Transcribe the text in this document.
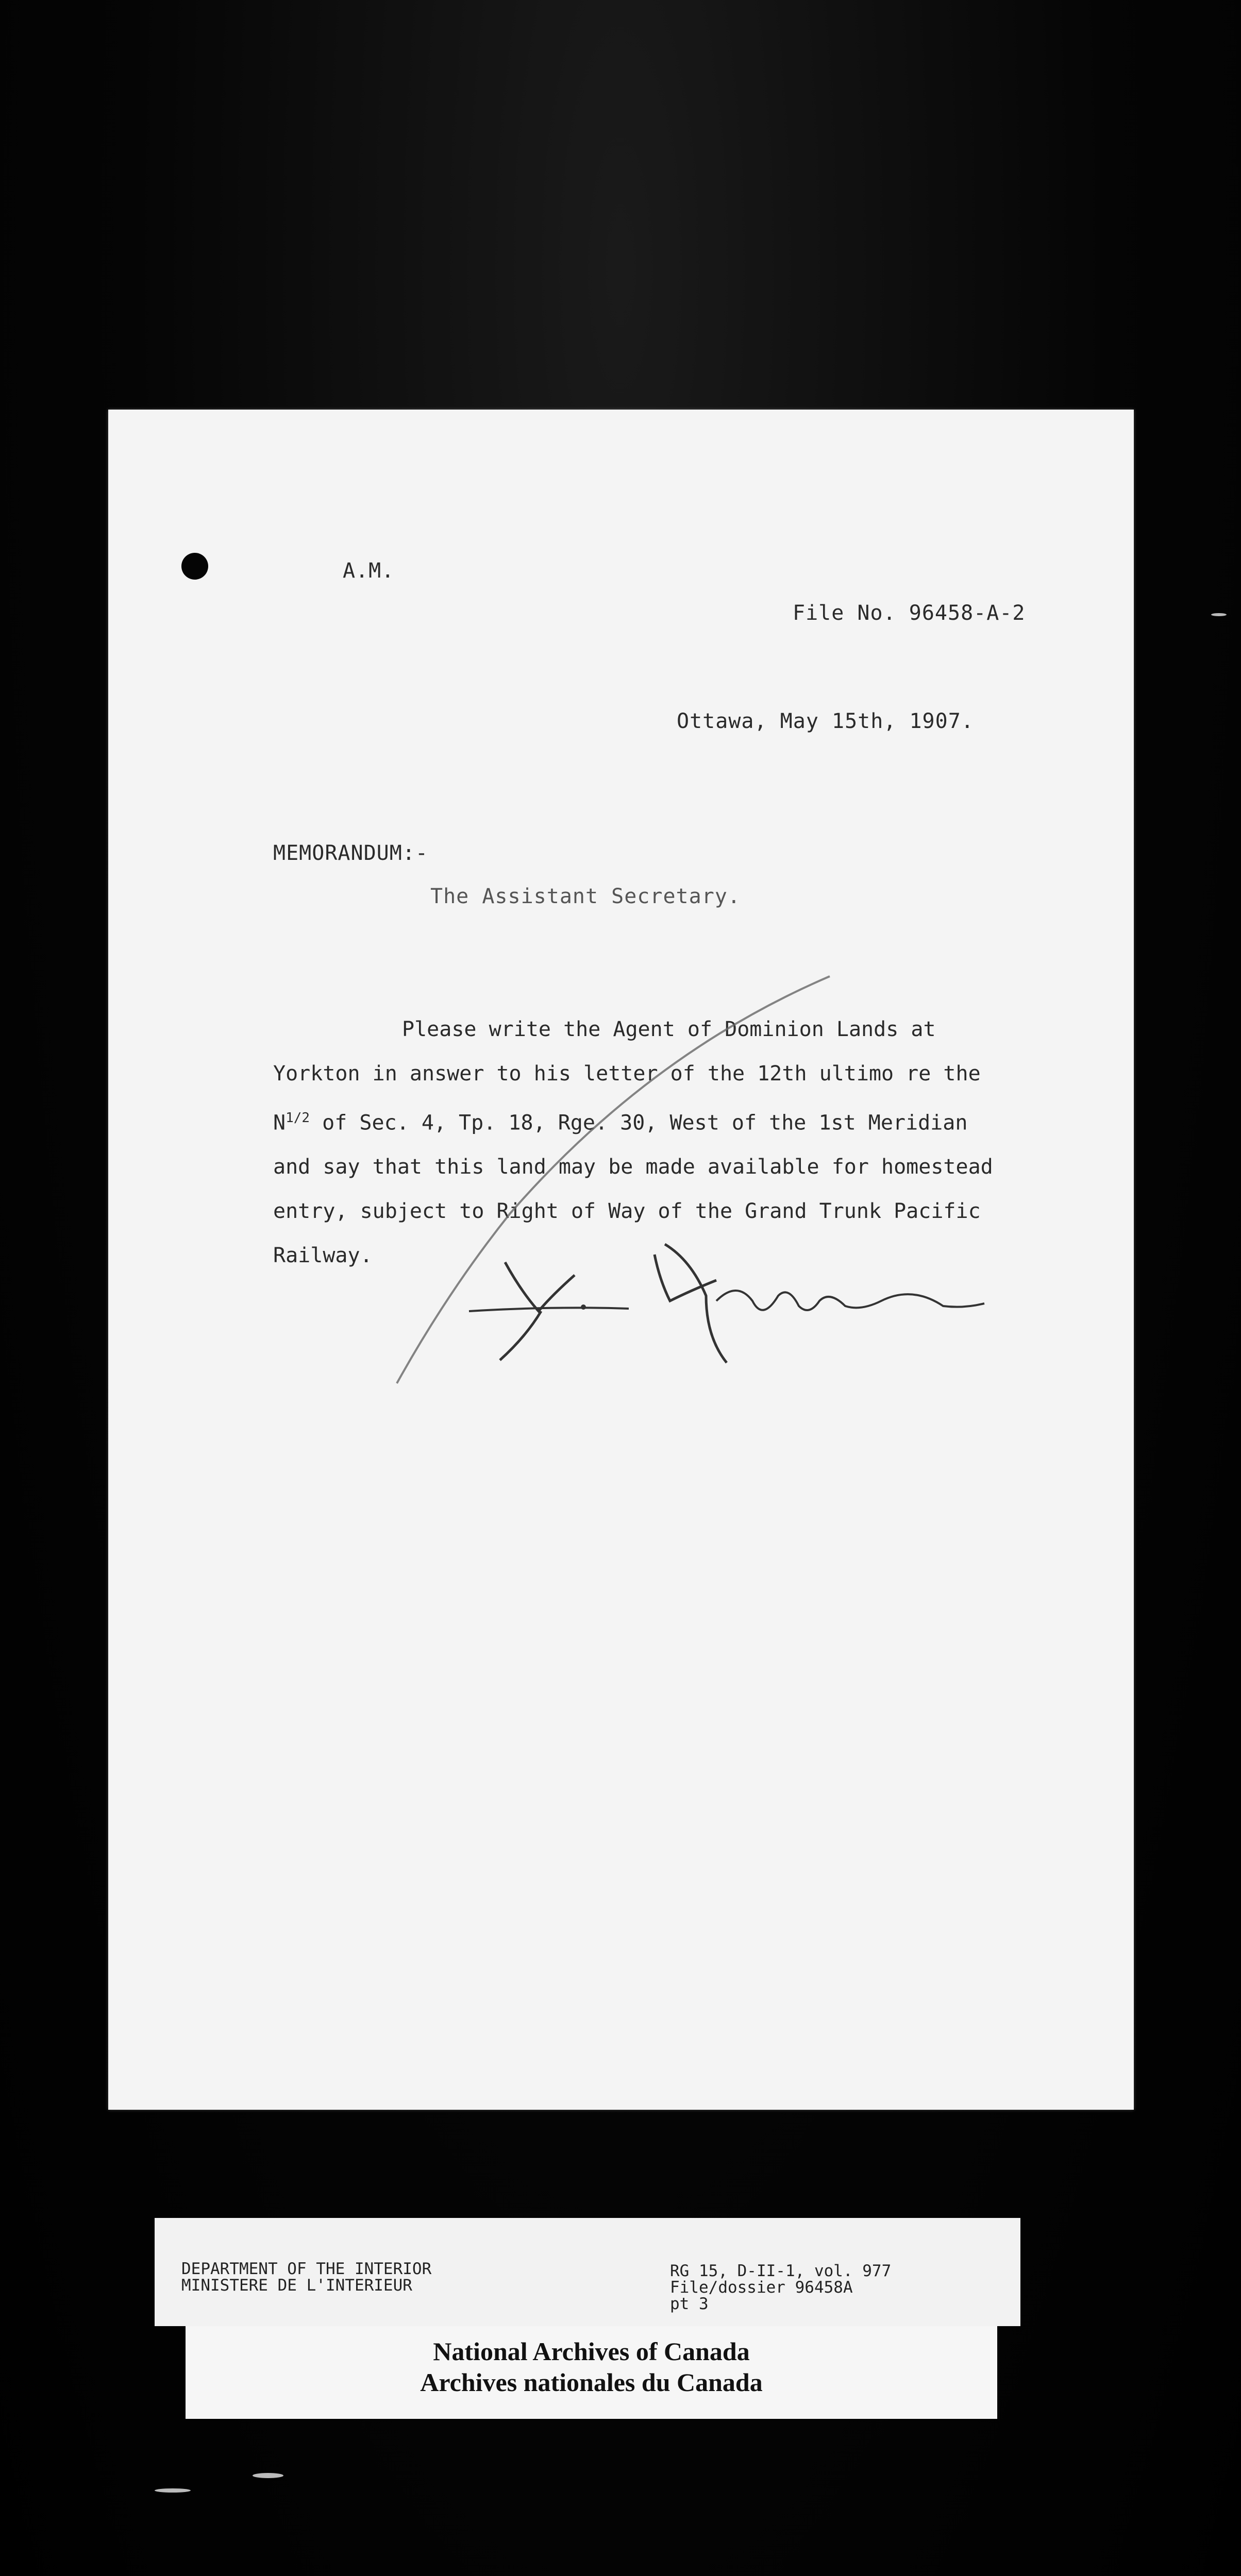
A.M.
File No. 96458-A-2
Ottawa, May 15th, 1907.
MEMORANDUM:-
The Assistant Secretary.
Please write the Agent of Dominion Lands at
Yorkton in answer to his letter of the 12th ultimo re the
$N^{1/2}$ of Sec. 4, Tp. 18, Rge. 30, West of the 1st Meridian
and say that this land may be made available for homestead
entry, subject to Right of Way of the Grand Trunk Pacific
Railway.
DEPARTMENT OF THE INTERIOR
MINISTERE DE L'INTERIEUR
RG 15, D-II-1, vol. 977
File/dossier 96458A
pt 3
National Archives of Canada
Archives nationales du Canada
